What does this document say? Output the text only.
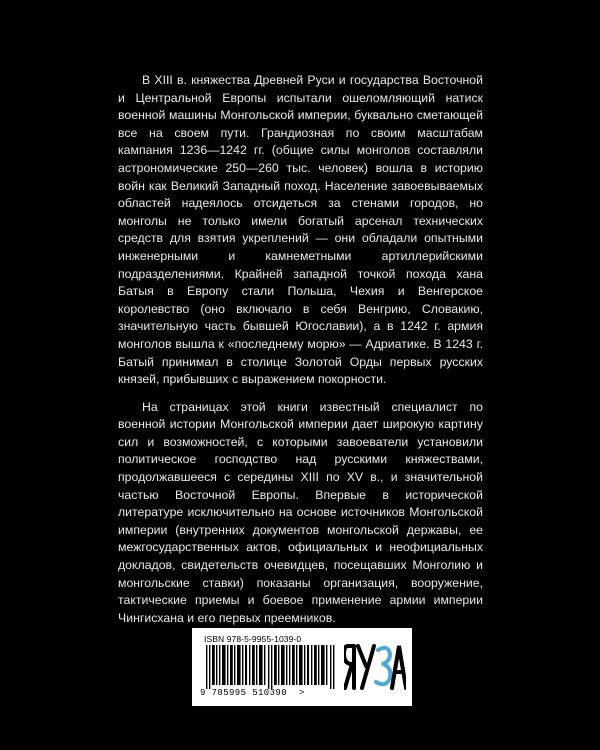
В XIII в. княжества Древней Руси и государства Восточной и Центральной Европы испытали ошеломляющий натиск военной машины Монгольской империи, буквально сметающей все на своем пути. Грандиозная по своим масштабам кампания 1236—1242 гг. (общие силы монголов составляли астрономические 250—260 тыс. человек) вошла в историю войн как Великий Западный поход. Население завоевываемых областей надеялось отсидеться за стенами городов, но монголы не только имели богатый арсенал технических средств для взятия укреплений — они обладали опытными инженерными и камнеметными артиллерийскими подразделениями. Крайней западной точкой похода хана Батыя в Европу стали Польша, Чехия и Венгерское королевство (оно включало в себя Венгрию, Словакию, значительную часть бывшей Югославии), а в 1242 г. армия монголов вышла к «последнему морю» — Адриатике. В 1243 г. Батый принимал в столице Золотой Орды первых русских князей, прибывших с выражением покорности.

На страницах этой книги известный специалист по военной истории Монгольской империи дает широкую картину сил и возможностей, с которыми завоеватели установили политическое господство над русскими княжествами, продолжавшееся с середины XIII по XV в., и значительной частью Восточной Европы. Впервые в исторической литературе исключительно на основе источников Монгольской империи (внутренних документов монгольской державы, ее межгосударственных актов, официальных и неофициальных докладов, свидетельств очевидцев, посещавших Монголию и монгольские ставки) показаны организация, вооружение, тактические приемы и боевое применение армии империи Чингисхана и его первых преемников.

ISBN 978-5-9955-1039-0
9 785995 510390 >	ЯУЗА
